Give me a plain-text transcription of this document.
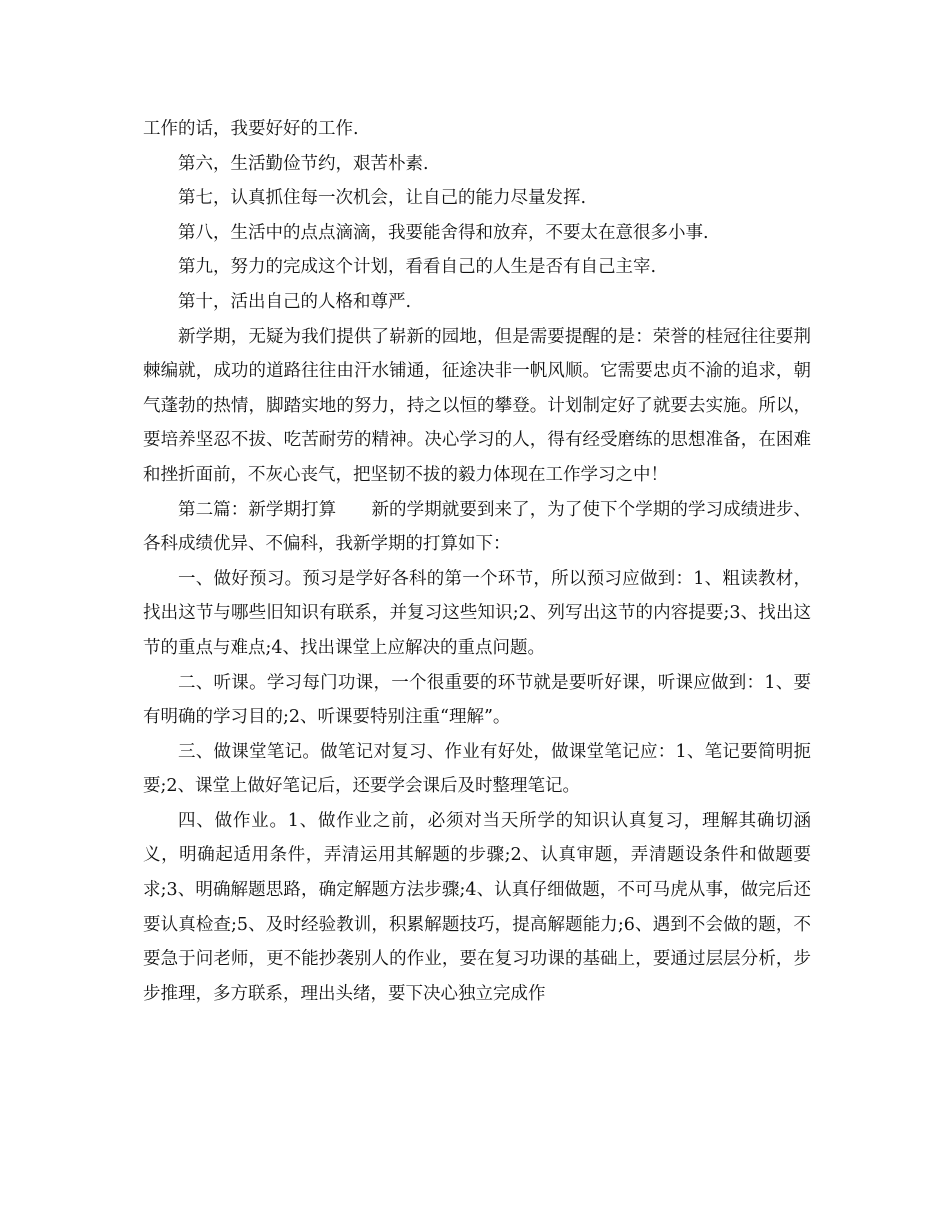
工作的话，我要好好的工作.

第六，生活勤俭节约，艰苦朴素.

第七，认真抓住每一次机会，让自己的能力尽量发挥.

第八，生活中的点点滴滴，我要能舍得和放弃，不要太在意很多小事.

第九，努力的完成这个计划，看看自己的人生是否有自己主宰.

第十，活出自己的人格和尊严.

新学期，无疑为我们提供了崭新的园地，但是需要提醒的是：荣誉的桂冠往往要荆棘编就，成功的道路往往由汗水铺通，征途决非一帆风顺。它需要忠贞不渝的追求，朝气蓬勃的热情，脚踏实地的努力，持之以恒的攀登。计划制定好了就要去实施。所以，要培养坚忍不拔、吃苦耐劳的精神。决心学习的人，得有经受磨练的思想准备，在困难和挫折面前，不灰心丧气，把坚韧不拔的毅力体现在工作学习之中！

第二篇：新学期打算　　新的学期就要到来了，为了使下个学期的学习成绩进步、各科成绩优异、不偏科，我新学期的打算如下：

一、做好预习。预习是学好各科的第一个环节，所以预习应做到：1、粗读教材，找出这节与哪些旧知识有联系，并复习这些知识;2、列写出这节的内容提要;3、找出这节的重点与难点;4、找出课堂上应解决的重点问题。

二、听课。学习每门功课，一个很重要的环节就是要听好课，听课应做到：1、要有明确的学习目的;2、听课要特别注重“理解”。

三、做课堂笔记。做笔记对复习、作业有好处，做课堂笔记应：1、笔记要简明扼要;2、课堂上做好笔记后，还要学会课后及时整理笔记。

四、做作业。1、做作业之前，必须对当天所学的知识认真复习，理解其确切涵义，明确起适用条件，弄清运用其解题的步骤;2、认真审题，弄清题设条件和做题要求;3、明确解题思路，确定解题方法步骤;4、认真仔细做题，不可马虎从事，做完后还要认真检查;5、及时经验教训，积累解题技巧，提高解题能力;6、遇到不会做的题，不要急于问老师，更不能抄袭别人的作业，要在复习功课的基础上，要通过层层分析，步步推理，多方联系，理出头绪，要下决心独立完成作
